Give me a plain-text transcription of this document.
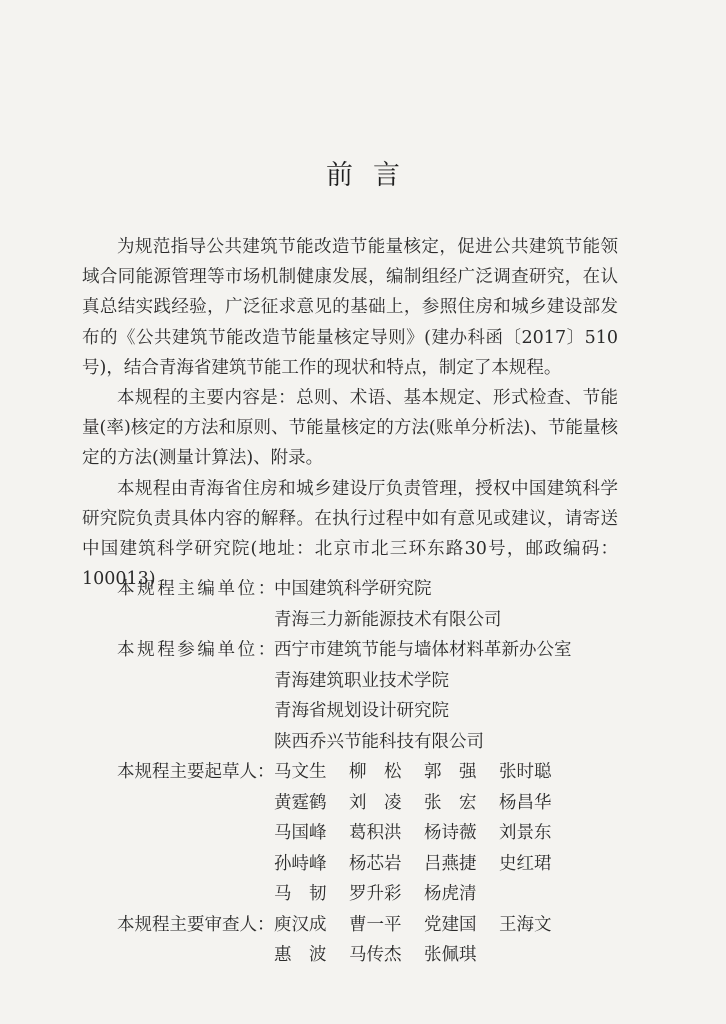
前言

为规范指导公共建筑节能改造节能量核定，促进公共建筑节能领域合同能源管理等市场机制健康发展，编制组经广泛调查研究，在认真总结实践经验，广泛征求意见的基础上，参照住房和城乡建设部发布的《公共建筑节能改造节能量核定导则》(建办科函〔2017〕510号)，结合青海省建筑节能工作的现状和特点，制定了本规程。

本规程的主要内容是：总则、术语、基本规定、形式检查、节能量(率)核定的方法和原则、节能量核定的方法(账单分析法)、节能量核定的方法(测量计算法)、附录。

本规程由青海省住房和城乡建设厅负责管理，授权中国建筑科学研究院负责具体内容的解释。在执行过程中如有意见或建议，请寄送中国建筑科学研究院(地址：北京市北三环东路30号，邮政编码：100013)

本规程主编单位：
中国建筑科学研究院
青海三力新能源技术有限公司
本规程参编单位：
西宁市建筑节能与墙体材料革新办公室
青海建筑职业技术学院
青海省规划设计研究院
陕西乔兴节能科技有限公司
本规程主要起草人： 马文生	柳　松	郭　强	张时聪
黄霆鹤	刘　凌	张　宏	杨昌华
马国峰	葛积洪	杨诗薇	刘景东
孙峙峰	杨芯岩	吕燕捷	史红珺
马　韧	罗升彩	杨虎清
本规程主要审查人： 庾汉成	曹一平	党建国	王海文
惠　波	马传杰	张佩琪
